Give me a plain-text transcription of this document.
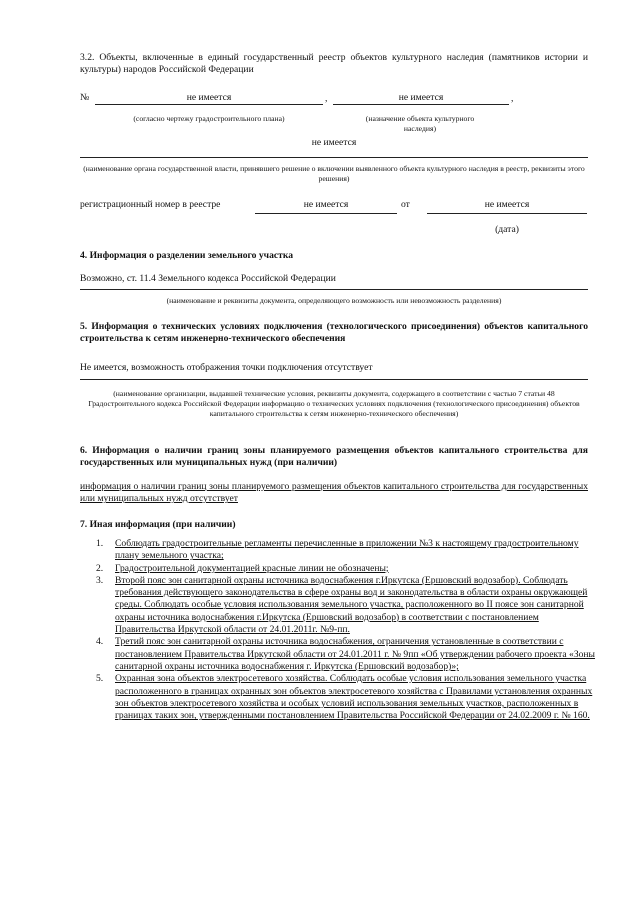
3.2. Объекты, включенные в единый государственный реестр объектов культурного наследия (памятников истории и культуры) народов Российской Федерации
№	не имеется	,	не имеется	,
(согласно чертежу градостроительного плана)	(назначение объекта культурного наследия)
не имеется
(наименование органа государственной власти, принявшего решение о включении выявленного объекта культурного наследия в реестр, реквизиты этого решения)
регистрационный номер в реестре	не имеется	от	не имеется
(дата)
4. Информация о разделении земельного участка
Возможно, ст. 11.4 Земельного кодекса Российской Федерации
(наименование и реквизиты документа, определяющего возможность или невозможность разделения)
5. Информация о технических условиях подключения (технологического присоединения) объектов капитального строительства к сетям инженерно-технического обеспечения
Не имеется, возможность отображения точки подключения отсутствует
(наименование организации, выдавшей технические условия, реквизиты документа, содержащего в соответствии с частью 7 статьи 48 Градостроительного кодекса Российской Федерации информацию о технических условиях подключения (технологического присоединения) объектов капитального строительства к сетям инженерно-технического обеспечения)
6. Информация о наличии границ зоны планируемого размещения объектов капитального строительства для государственных или муниципальных нужд (при наличии)
информация о наличии границ зоны планируемого размещения объектов капитального строительства для государственных или муниципальных нужд отсутствует
7. Иная информация (при наличии)
1. Соблюдать градостроительные регламенты перечисленные в приложении №3 к настоящему градостроительному плану земельного участка;
2. Градостроительной документацией красные линии не обозначены;
3. Второй пояс зон санитарной охраны источника водоснабжения г.Иркутска (Ершовский водозабор). Соблюдать требования действующего законодательства в сфере охраны вод и законодательства в области охраны окружающей среды. Соблюдать особые условия использования земельного участка, расположенного во II поясе зон санитарной охраны источника водоснабжения г.Иркутска (Ершовский водозабор) в соответствии с постановлением Правительства Иркутской области от 24.01.2011г. №9-пп.
4. Третий пояс зон санитарной охраны источника водоснабжения, ограничения установленные в соответствии с постановлением Правительства Иркутской области от 24.01.2011 г. № 9пп «Об утверждении рабочего проекта «Зоны санитарной охраны источника водоснабжения г. Иркутска (Ершовский водозабор)»;
5. Охранная зона объектов электросетевого хозяйства. Соблюдать особые условия использования земельного участка расположенного в границах охранных зон объектов электросетевого хозяйства с Правилами установления охранных зон объектов электросетевого хозяйства и особых условий использования земельных участков, расположенных в границах таких зон, утвержденными постановлением Правительства Российской Федерации от 24.02.2009 г. № 160.
